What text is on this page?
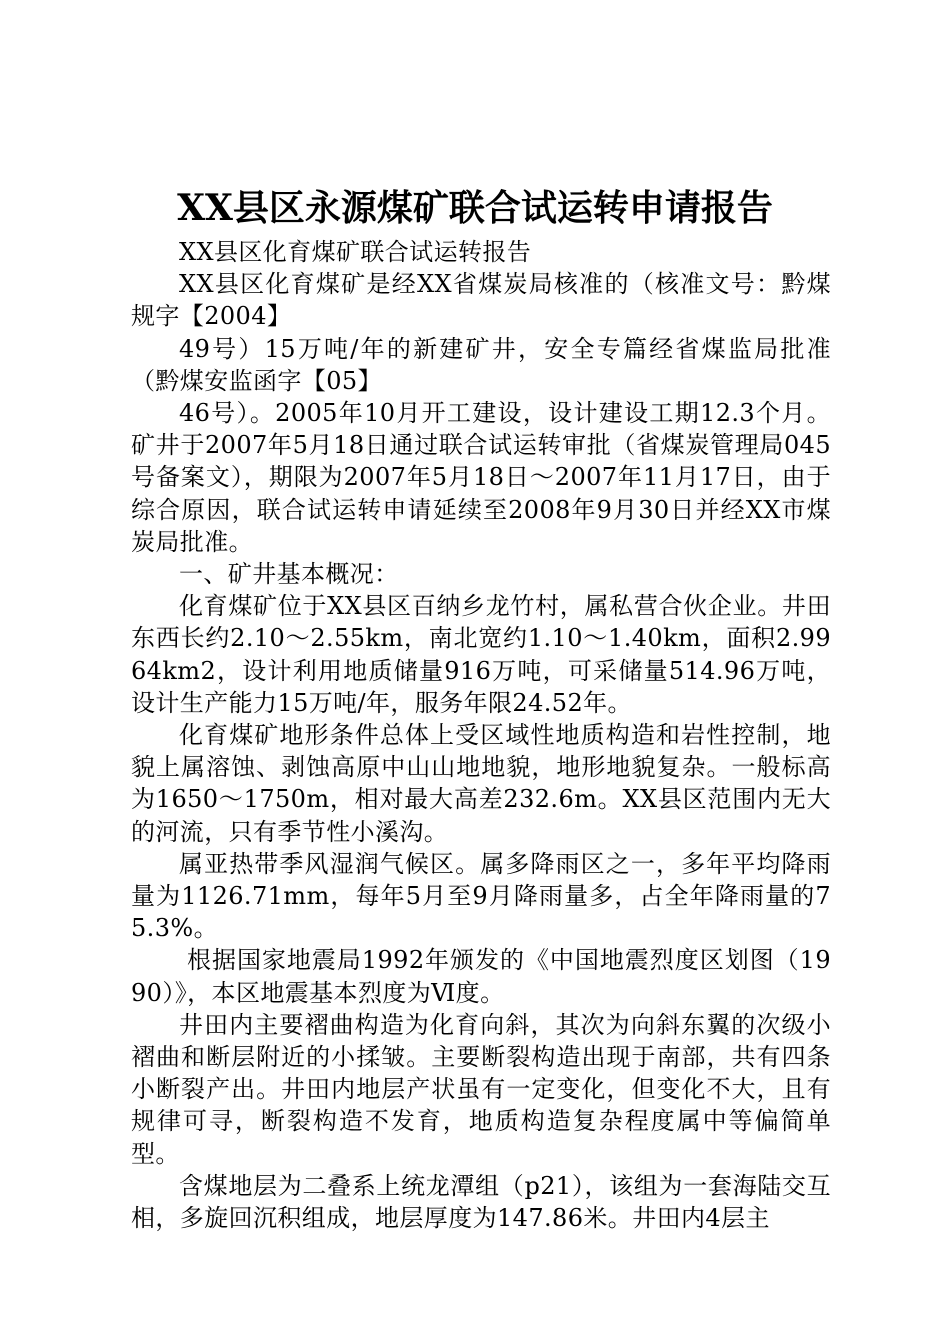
XX县区永源煤矿联合试运转申请报告

XX县区化育煤矿联合试运转报告

XX县区化育煤矿是经XX省煤炭局核准的（核准文号：黔煤规字【2004】

49号）15万吨/年的新建矿井，安全专篇经省煤监局批准（黔煤安监函字【05】

46号）。2005年10月开工建设，设计建设工期12.3个月。矿井于2007年5月18日通过联合试运转审批（省煤炭管理局045号备案文），期限为2007年5月18日～2007年11月17日，由于综合原因，联合试运转申请延续至2008年9月30日并经XX市煤炭局批准。

一、矿井基本概况：

化育煤矿位于XX县区百纳乡龙竹村，属私营合伙企业。井田东西长约2.10～2.55km，南北宽约1.10～1.40km，面积2.9964km2，设计利用地质储量916万吨，可采储量514.96万吨，设计生产能力15万吨/年，服务年限24.52年。

化育煤矿地形条件总体上受区域性地质构造和岩性控制，地貌上属溶蚀、剥蚀高原中山山地地貌，地形地貌复杂。一般标高为1650～1750m，相对最大高差232.6m。XX县区范围内无大的河流，只有季节性小溪沟。

属亚热带季风湿润气候区。属多降雨区之一，多年平均降雨量为1126.71mm，每年5月至9月降雨量多，占全年降雨量的75.3%。

根据国家地震局1992年颁发的《中国地震烈度区划图（1990）》，本区地震基本烈度为Ⅵ度。

井田内主要褶曲构造为化育向斜，其次为向斜东翼的次级小褶曲和断层附近的小揉皱。主要断裂构造出现于南部，共有四条小断裂产出。井田内地层产状虽有一定变化，但变化不大，且有规律可寻，断裂构造不发育，地质构造复杂程度属中等偏简单型。

含煤地层为二叠系上统龙潭组（p21），该组为一套海陆交互相，多旋回沉积组成，地层厚度为147.86米。井田内4层主
